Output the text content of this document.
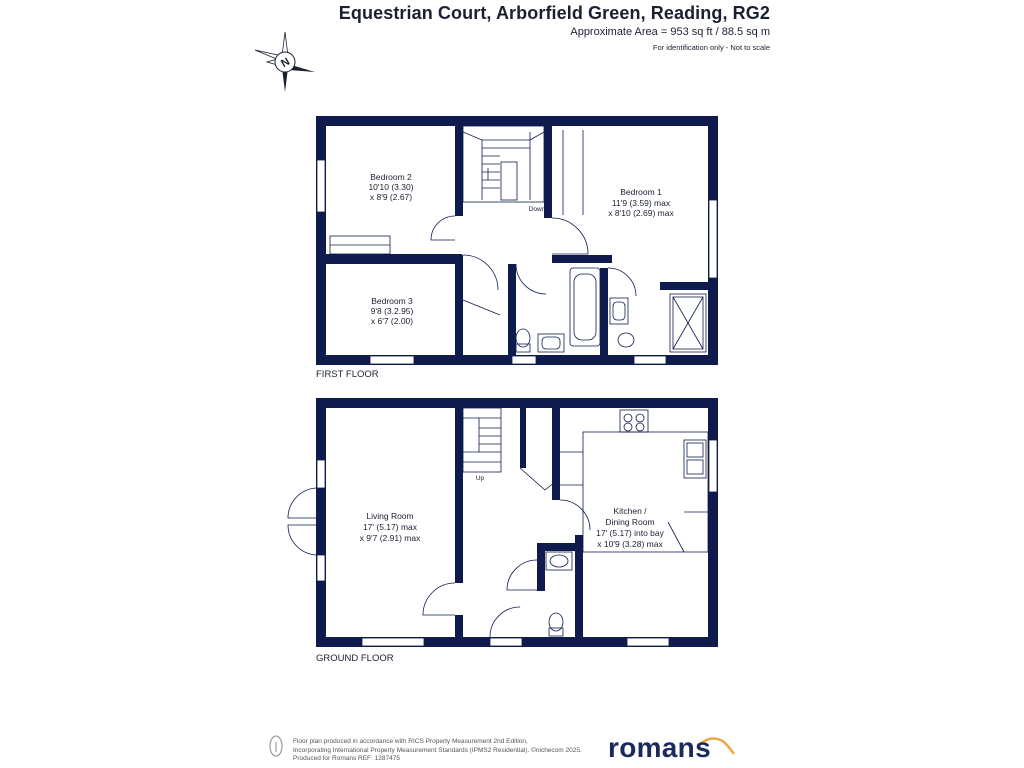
Equestrian Court, Arborfield Green, Reading, RG2
Approximate Area = 953 sq ft / 88.5 sq m
For identification only - Not to scale
N
Bedroom 2
10'10 (3.30)
x 8'9 (2.67)
Bedroom 3
9'8 (3.2.95)
x 6'7 (2.00)
Bedroom 1
11'9 (3.59) max
x 8'10 (2.69) max
Down
FIRST FLOOR
Up
Living Room
17' (5.17) max
x 9'7 (2.91) max
Kitchen /
Dining Room
17' (5.17) into bay
x 10'9 (3.28) max
GROUND FLOOR
Floor plan produced in accordance with RICS Property Measurement 2nd Edition,
Incorporating International Property Measurement Standards (IPMS2 Residential). ©nichecom 2025.
Produced for Romans REF: 1287475	romans
